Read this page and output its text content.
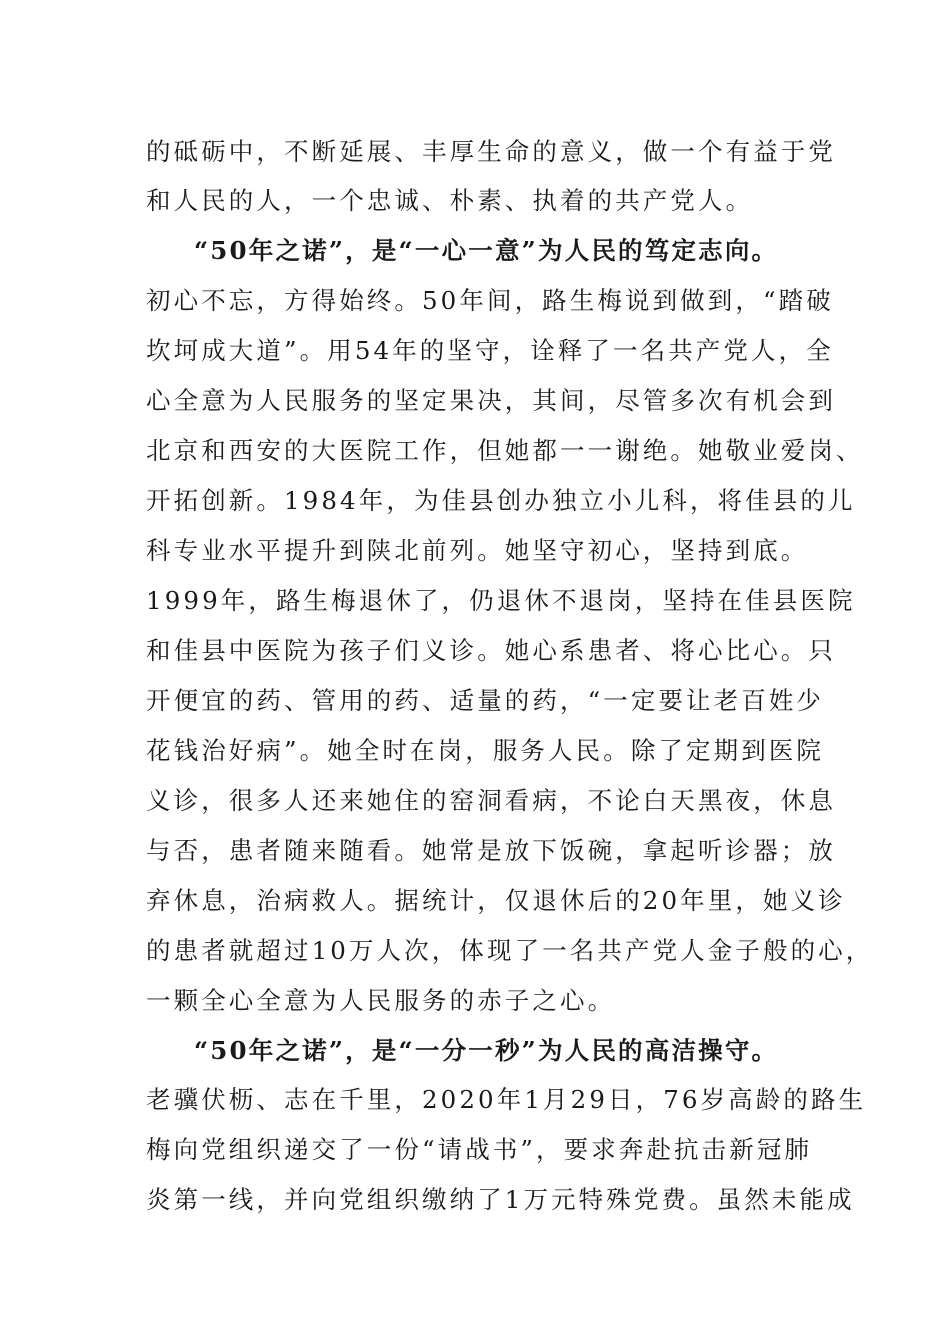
的砥砺中，不断延展、丰厚生命的意义，做一个有益于党
和人民的人，一个忠诚、朴素、执着的共产党人。
“50年之诺”，是“一心一意”为人民的笃定志向。
初心不忘，方得始终。50年间，路生梅说到做到，“踏破
坎坷成大道”。用54年的坚守，诠释了一名共产党人，全
心全意为人民服务的坚定果决，其间，尽管多次有机会到
北京和西安的大医院工作，但她都一一谢绝。她敬业爱岗、
开拓创新。1984年，为佳县创办独立小儿科，将佳县的儿
科专业水平提升到陕北前列。她坚守初心，坚持到底。
1999年，路生梅退休了，仍退休不退岗，坚持在佳县医院
和佳县中医院为孩子们义诊。她心系患者、将心比心。只
开便宜的药、管用的药、适量的药，“一定要让老百姓少
花钱治好病”。她全时在岗，服务人民。除了定期到医院
义诊，很多人还来她住的窑洞看病，不论白天黑夜，休息
与否，患者随来随看。她常是放下饭碗，拿起听诊器；放
弃休息，治病救人。据统计，仅退休后的20年里，她义诊
的患者就超过10万人次，体现了一名共产党人金子般的心，
一颗全心全意为人民服务的赤子之心。
“50年之诺”，是“一分一秒”为人民的高洁操守。
老骥伏枥、志在千里，2020年1月29日，76岁高龄的路生
梅向党组织递交了一份“请战书”，要求奔赴抗击新冠肺
炎第一线，并向党组织缴纳了1万元特殊党费。虽然未能成
